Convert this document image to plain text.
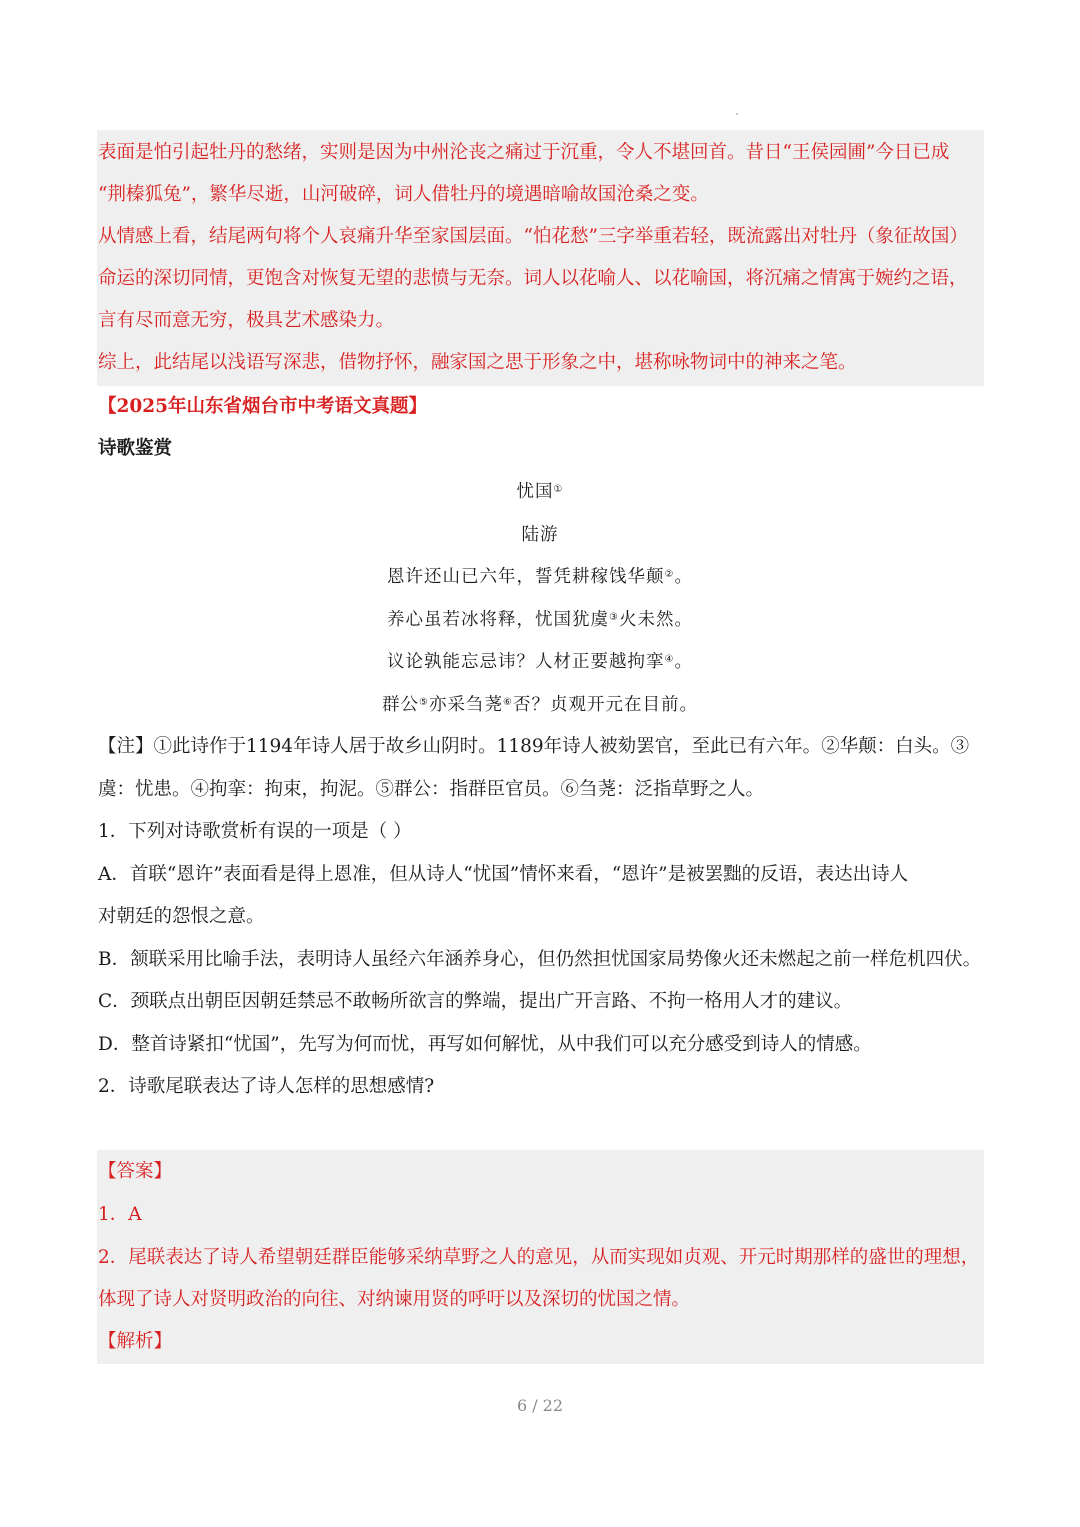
表面是怕引起牡丹的愁绪，实则是因为中州沦丧之痛过于沉重，令人不堪回首。昔日“王侯园圃”今日已成
“荆榛狐兔”，繁华尽逝，山河破碎，词人借牡丹的境遇暗喻故国沧桑之变。
从情感上看，结尾两句将个人哀痛升华至家国层面。“怕花愁”三字举重若轻，既流露出对牡丹（象征故国）
命运的深切同情，更饱含对恢复无望的悲愤与无奈。词人以花喻人、以花喻国，将沉痛之情寓于婉约之语，
言有尽而意无穷，极具艺术感染力。
综上，此结尾以浅语写深悲，借物抒怀，融家国之思于形象之中，堪称咏物词中的神来之笔。
【2025年山东省烟台市中考语文真题】
诗歌鉴赏
忧国①
陆游
恩许还山已六年，誓凭耕稼饯华颠②。
养心虽若冰将释，忧国犹虞③火未然。
议论孰能忘忌讳？人材正要越拘挛④。
群公⑤亦采刍荛⑥否？贞观开元在目前。
【注】①此诗作于1194年诗人居于故乡山阴时。1189年诗人被劾罢官，至此已有六年。②华颠：白头。③
虞：忧患。④拘挛：拘束，拘泥。⑤群公：指群臣官员。⑥刍荛：泛指草野之人。
1．下列对诗歌赏析有误的一项是（ ）
A．首联“恩许”表面看是得上恩准，但从诗人“忧国”情怀来看，“恩许”是被罢黜的反语，表达出诗人
对朝廷的怨恨之意。
B．颔联采用比喻手法，表明诗人虽经六年涵养身心，但仍然担忧国家局势像火还未燃起之前一样危机四伏。
C．颈联点出朝臣因朝廷禁忌不敢畅所欲言的弊端，提出广开言路、不拘一格用人才的建议。
D．整首诗紧扣“忧国”，先写为何而忧，再写如何解忧，从中我们可以充分感受到诗人的情感。
2．诗歌尾联表达了诗人怎样的思想感情?
【答案】
1．A
2．尾联表达了诗人希望朝廷群臣能够采纳草野之人的意见，从而实现如贞观、开元时期那样的盛世的理想，
体现了诗人对贤明政治的向往、对纳谏用贤的呼吁以及深切的忧国之情。
【解析】
6 / 22
